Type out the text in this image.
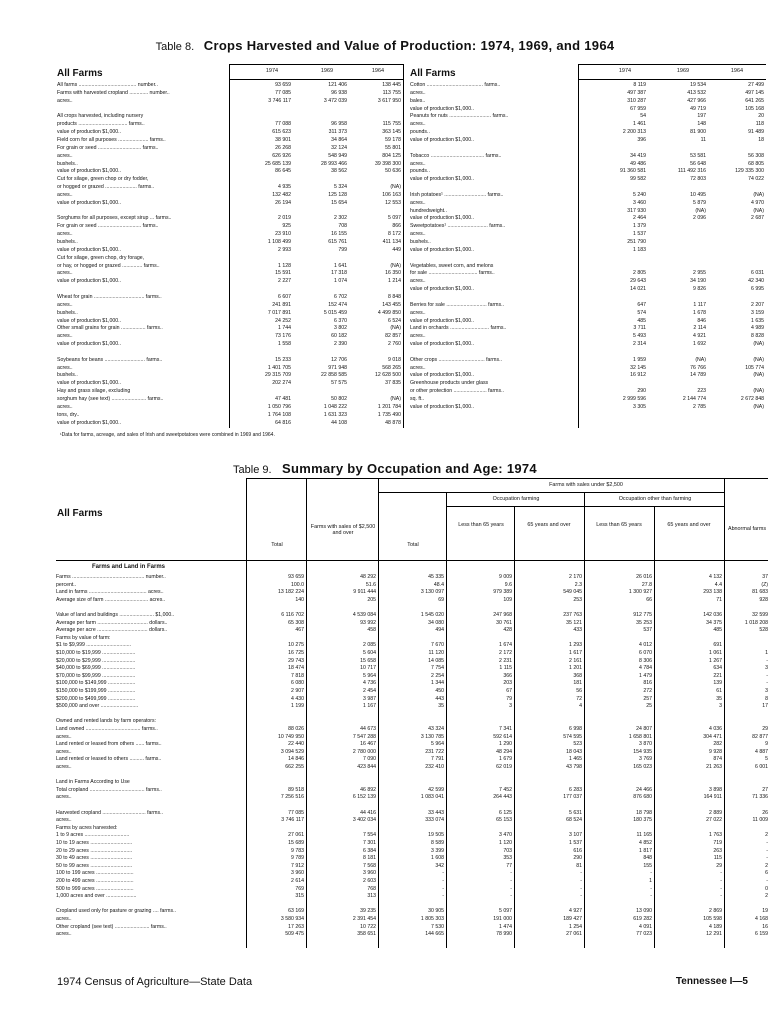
Table 8. Crops Harvested and Value of Production: 1974, 1969, and 1964
All Farms	All Farms
1974	1969	1964
All farms ........................................ number..	93 659	121 406	138 445
Farms with harvested cropland ............. number..	77 085	96 938	113 755
acres..	3 746 117	3 472 039	3 617 950
All crops harvested, including nursery
products .................................. farms..	77 088	96 958	115 755
value of production $1,000..	615 623	311 373	363 145
Field corn for all purposes ..................... farms..	38 901	34 864	59 178
For grain or seed .............................. farms..	26 268	32 124	55 801
acres..	626 926	548 949	804 125
bushels..	25 685 139	28 993 466	39 398 300
value of production $1,000..	86 645	38 562	50 636
Cut for silage, green chop or dry fodder,
or hogged or grazed ...................... farms..	4 935	5 324	(NA)
acres..	132 482	125 128	106 163
value of production $1,000..	26 194	15 654	12 553
Sorghums for all purposes, except sirup ... farms..	2 019	2 302	5 097
For grain or seed .............................. farms..	925	708	866
acres..	23 910	16 155	8 172
bushels..	1 108 499	615 761	411 134
value of production $1,000..	2 993	799	449
Cut for silage, green chop, dry forage,
or hay, or hogged or grazed .............. farms..	1 128	1 641	(NA)
acres..	15 591	17 318	16 350
value of production $1,000..	2 227	1 074	1 214
Wheat for grain ................................... farms..	6 607	6 702	8 848
acres..	241 891	152 474	143 455
bushels..	7 017 891	5 015 459	4 499 850
value of production $1,000..	24 252	6 370	6 524
Other small grains for grain ................. farms..	1 744	3 802	(NA)
acres..	73 176	60 182	82 857
value of production $1,000..	1 558	2 390	2 760
Soybeans for beans ............................ farms..	15 233	12 706	9 018
acres..	1 401 705	971 948	568 265
bushels..	29 315 709	22 858 585	12 628 500
value of production $1,000..	202 274	57 575	37 835
Hay and grass silage, excluding
sorghum hay (see text) ........................ farms..	47 481	50 802	(NA)
acres..	1 050 796	1 048 222	1 201 784
tons, dry..	1 764 108	1 631 323	1 735 490
value of production $1,000..	64 816	44 108	48 878
1974	1969	1964
Cotton ....................................... farms..	8 119	19 534	27 499
acres..	497 387	413 532	497 145
bales..	310 287	427 966	641 265
value of production $1,000..	67 959	49 719	105 168
Peanuts for nuts ............................. farms..	54	197	20
acres..	1 461	148	118
pounds..	2 200 313	81 900	91 489
value of production $1,000..	396	11	18
Tobacco ..................................... farms..	34 419	53 581	56 308
acres..	49 486	56 648	68 805
pounds..	91 360 581	111 492 316	129 335 300
value of production $1,000..	99 582	72 803	74 022
Irish potatoes¹ ............................. farms..	5 240	10 495	(NA)
acres..	3 460	5 879	4 970
hundredweight..	317 930	(NA)	(NA)
value of production $1,000..	2 464	2 096	2 687
Sweetpotatoes¹ ............................ farms..	1 379
acres..	1 537
bushels..	251 790
value of production $1,000..	1 183
Vegetables, sweet corn, and melons
for sale .................................. farms..	2 805	2 955	6 031
acres..	29 643	34 190	42 340
value of production $1,000..	14 021	9 826	6 995
Berries for sale ............................ farms..	647	1 117	2 207
acres..	574	1 678	3 159
value of production $1,000..	485	846	1 635
Land in orchards ........................... farms..	3 711	2 114	4 989
acres..	5 493	4 921	8 828
value of production $1,000..	2 314	1 692	(NA)
Other crops ................................ farms..	1 959	(NA)	(NA)
acres..	32 145	76 766	105 774
value of production $1,000..	16 912	14 789	(NA)
Greenhouse products under glass
or other protection ....................... farms..	290	223	(NA)
sq. ft..	2 999 596	2 144 774	2 672 848
value of production $1,000..	3 305	2 785	(NA)
¹Data for farms, acreage, and sales of Irish and sweetpotatoes were combined in 1969 and 1964.
Table 9. Summary by Occupation and Age: 1974
All Farms
Farms with sales under $2,500
Occupation farming	Occupation other than farming
Total
Farms with sales of $2,500 and over
Total
Less than 65 years	65 years and over	Less than 65 years	65 years and over
Abnormal farms
Farms and Land in Farms
Farms .................................................. number..	93 659	48 292	45 335	9 009	2 170	26 016	4 132	37
percent..	100.0	51.6	48.4	9.6	2.3	27.8	4.4	(Z)
Land in farms ........................................ acres..	13 182 224	9 911 444	3 130 097	979 389	549 045	1 300 927	293 138	81 683
Average size of farm .............................. acres..	140	205	69	109	253	66	71	928
Value of land and buildings ........................ $1,000..	6 116 702	4 539 084	1 545 020	247 968	237 763	912 775	142 036	32 599
Average per farm ................................... dollars..	65 308	93 992	34 080	30 761	35 121	35 253	34 375	1 018 208
Average per acre ................................... dollars..	467	458	494	428	433	537	485	528
Farms by value of farm:
$1 to $9,999 ...............................	10 275	2 085	7 670	1 674	1 293	4 012	691
$10,000 to $19,999 .......................	16 725	5 604	11 120	2 172	1 617	6 070	1 061	1
$20,000 to $29,999 .......................	29 743	15 658	14 085	2 231	2 161	8 306	1 267	-
$40,000 to $69,999 .......................	18 474	10 717	7 754	1 115	1 201	4 784	634	3
$70,000 to $99,999 .......................	7 818	5 964	2 254	366	368	1 479	221	-
$100,000 to $149,999 ...................	6 080	4 736	1 344	203	181	816	139	-
$150,000 to $199,999 ...................	2 907	2 454	450	67	56	272	61	3
$200,000 to $499,999 ...................	4 430	3 987	443	79	72	257	35	8
$500,000 and over ..........................	1 199	1 167	35	3	4	25	3	17
Owned and rented lands by farm operators:
Land owned ...................................... farms..	88 026	44 673	43 324	7 341	6 998	24 807	4 036	29
acres..	10 749 950	7 547 288	3 130 785	592 614	574 595	1 658 801	304 471	82 877
Land rented or leased from others ...... farms..	22 440	16 467	5 964	1 290	523	3 870	282	9
acres..	3 094 529	2 780 000	231 722	48 294	18 043	154 935	9 928	4 887
Land rented or leased to others .......... farms..	14 846	7 090	7 791	1 679	1 465	3 769	874	5
acres..	662 255	423 844	232 410	62 019	43 798	165 023	21 263	6 001
Land in Farms According to Use
Total cropland ...................................... farms..	89 518	46 892	42 599	7 452	6 283	24 466	3 898	27
acres..	7 256 516	6 152 139	1 083 041	264 443	177 037	876 680	164 911	71 336
Harvested cropland .............................. farms..	77 085	44 416	33 443	6 125	5 631	18 798	2 889	26
acres..	3 746 117	3 402 034	333 074	65 153	68 524	180 375	27 022	11 009
Farms by acres harvested:
1 to 9 acres ...............................	27 061	7 554	19 505	3 470	3 107	11 165	1 763	2
10 to 19 acres .............................	15 689	7 301	8 589	1 120	1 537	4 852	719	-
20 to 29 acres .............................	9 783	6 384	3 399	703	616	1 817	263	-
30 to 49 acres .............................	9 789	8 181	1 608	353	290	848	115	-
50 to 99 acres .............................	7 912	7 568	342	77	81	155	29	2
100 to 199 acres ..........................	3 960	3 960	-	-	-	-	-	6
200 to 499 acres ..........................	2 614	2 603	-	-	-	1	-	-
500 to 999 acres ..........................	769	768	-	-	-	-	-	0
1,000 acres and over .....................	315	313	-	-	-	-	-	2
Cropland used only for pasture or grazing .... farms..	63 169	39 235	30 905	5 097	4 927	13 090	2 869	19
acres..	3 580 934	2 391 454	1 805 303	191 000	189 427	619 282	105 598	4 168
Other cropland (see text) ........................ farms..	17 263	10 722	7 530	1 474	1 254	4 091	4 189	16
acres..	509 475	358 651	144 665	78 990	27 061	77 023	12 291	6 159
1974 Census of Agriculture—State Data	Tennessee I—5
